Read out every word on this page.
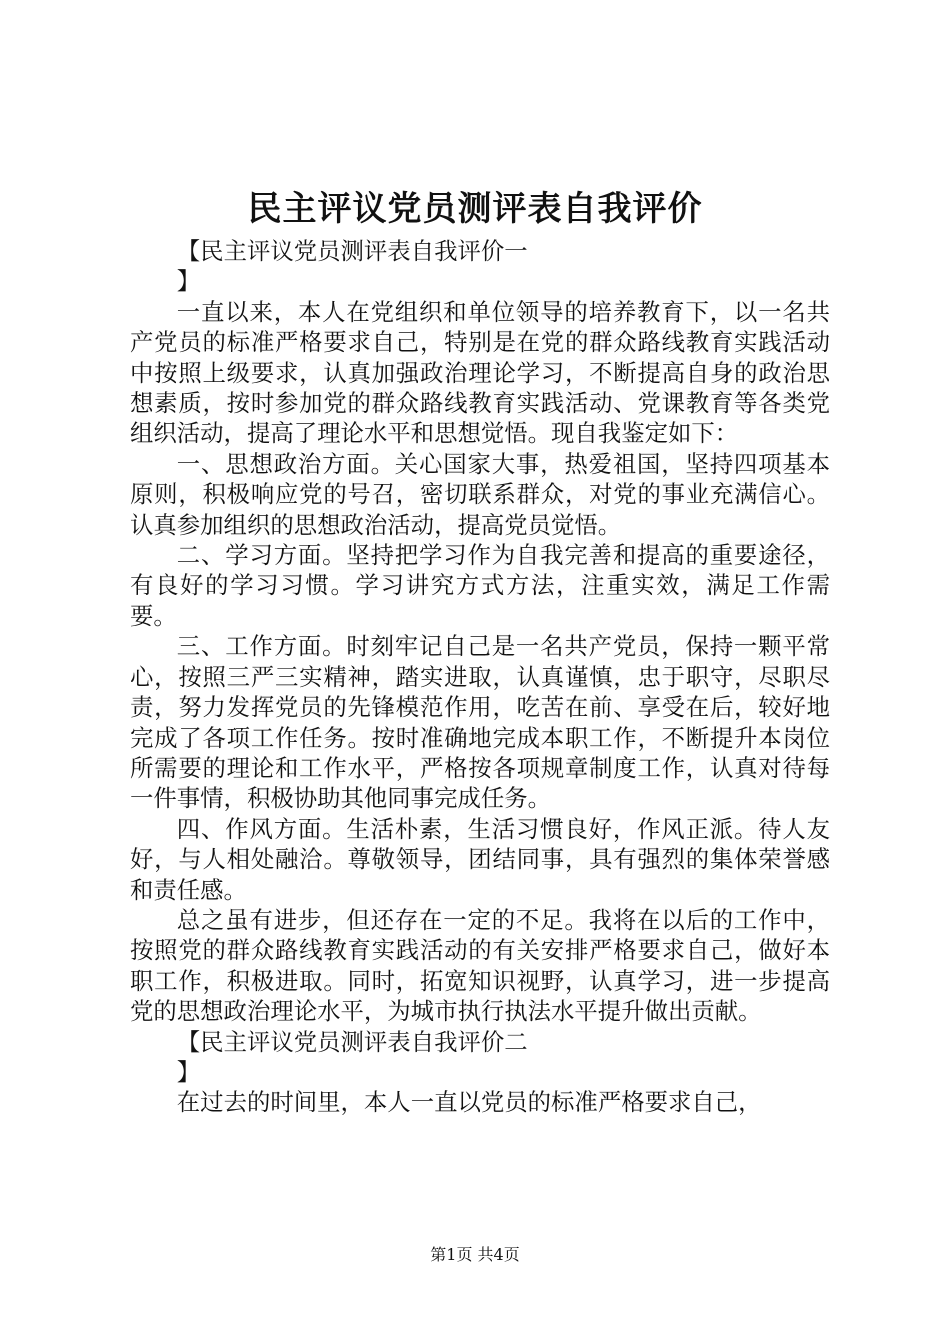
民主评议党员测评表自我评价

【民主评议党员测评表自我评价一

】

一直以来，本人在党组织和单位领导的培养教育下，以一名共产党员的标准严格要求自己，特别是在党的群众路线教育实践活动中按照上级要求，认真加强政治理论学习，不断提高自身的政治思想素质，按时参加党的群众路线教育实践活动、党课教育等各类党组织活动，提高了理论水平和思想觉悟。现自我鉴定如下：

一、思想政治方面。关心国家大事，热爱祖国，坚持四项基本原则，积极响应党的号召，密切联系群众，对党的事业充满信心。认真参加组织的思想政治活动，提高党员觉悟。

二、学习方面。坚持把学习作为自我完善和提高的重要途径，有良好的学习习惯。学习讲究方式方法，注重实效，满足工作需要。

三、工作方面。时刻牢记自己是一名共产党员，保持一颗平常心，按照三严三实精神，踏实进取，认真谨慎，忠于职守，尽职尽责，努力发挥党员的先锋模范作用，吃苦在前、享受在后，较好地完成了各项工作任务。按时准确地完成本职工作，不断提升本岗位所需要的理论和工作水平，严格按各项规章制度工作，认真对待每一件事情，积极协助其他同事完成任务。

四、作风方面。生活朴素，生活习惯良好，作风正派。待人友好，与人相处融洽。尊敬领导，团结同事，具有强烈的集体荣誉感和责任感。

总之虽有进步，但还存在一定的不足。我将在以后的工作中，按照党的群众路线教育实践活动的有关安排严格要求自己，做好本职工作，积极进取。同时，拓宽知识视野，认真学习，进一步提高党的思想政治理论水平，为城市执行执法水平提升做出贡献。

【民主评议党员测评表自我评价二

】

在过去的时间里，本人一直以党员的标准严格要求自己，

第1页 共4页
